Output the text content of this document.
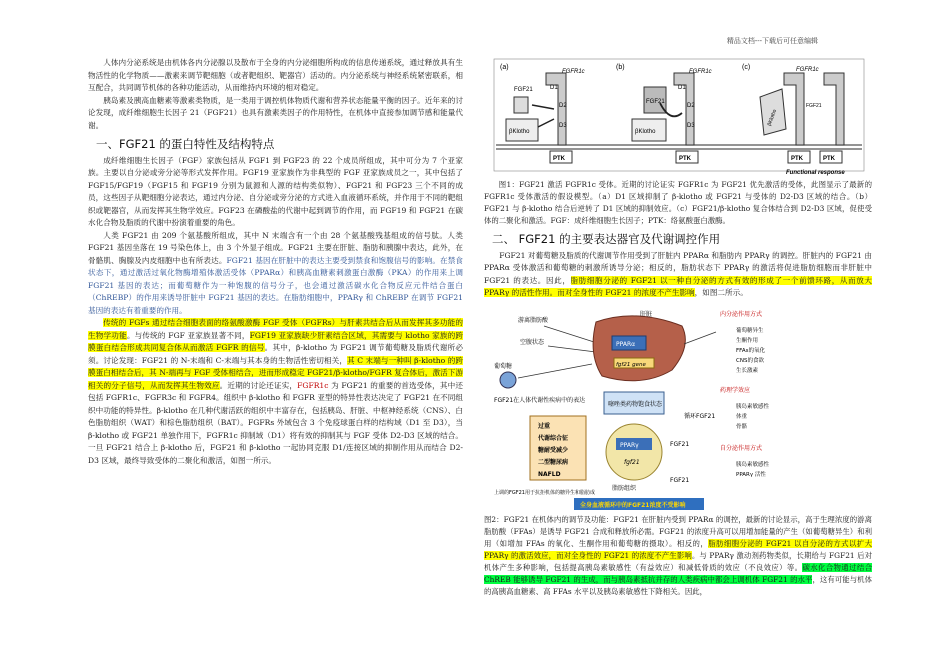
精品文档---下载后可任意编辑

人体内分泌系统是由机体各内分泌腺以及散布于全身的内分泌细胞所构成的信息传递系统，通过释放具有生物活性的化学物质——激素来调节靶细胞（或者靶组织、靶器官）活动的。内分泌系统与神经系统紧密联系，相互配合，共同调节机体的各种功能活动，从而维持内环境的相对稳定。

胰岛素及胰高血糖素等激素类物质，是一类用于调控机体物质代谢和营养状态能量平衡的因子。近年来的讨论发现，成纤维细胞生长因子 21（FGF21）也具有激素类因子的作用特性，在机体中直接参加调节感和能量代谢。

一、FGF21 的蛋白特性及结构特点

成纤维细胞生长因子（FGF）家族包括从 FGF1 到 FGF23 的 22 个成员所组成，其中可分为 7 个亚家族。主要以自分泌或旁分泌等形式发挥作用。FGF19 亚家族作为非典型的 FGF 亚家族成员之一，其中包括了 FGF15/FGF19（FGF15 和 FGF19 分别为鼠源和人源的结构类似物）、FGF21 和 FGF23 三个不同的成员，这些因子从靶细胞分泌表达，通过内分泌、自分泌或旁分泌的方式进入血液循环系统，并作用于不同的靶组织或靶器官，从而发挥其生物学效应。FGF23 在磷酸盐的代谢中起到调节的作用，而 FGF19 和 FGF21 在碳水化合物及脂质的代谢中扮演着重要的角色。

人类 FGF21 由 209 个氨基酸所组成，其中 N 末端含有一个由 28 个氨基酸残基组成的信号肽。人类 FGF21 基因坐落在 19 号染色体上，由 3 个外显子组成。FGF21 主要在肝脏、脂肪和胰腺中表达，此外，在骨骼肌、胸腺及内皮细胞中也有所表达。FGF21 基因在肝脏中的表达主要受到禁食和饱腹信号的影响。在禁食状态下，通过激活过氧化物酶增殖体激活受体（PPARα）和胰高血糖素刺激蛋白激酶（PKA）的作用来上调 FGF21 基因的表达；而葡萄糖作为一种饱腹的信号分子，也会通过激活碳水化合物反应元件结合蛋白（ChREBP）的作用来诱导肝脏中 FGF21 基因的表达。在脂肪细胞中，PPARγ 和 ChREBP 在调节 FGF21 基因的表达有着重要的作用。

传统的 FGFs 通过结合细胞表面的络氨酸激酶 FGF 受体（FGFRs）与肝素共结合后从而发挥其多功能的生物学功能。与传统的 FGF 亚家族显著不同，FGF19 亚家族缺少肝素结合区域，其需要与 klotho 家族的跨膜蛋白结合形成共同复合体从而激活 FGFR 的信号。其中，β-klotho 为 FGF21 调节葡萄糖及脂质代谢所必须。讨论发现：FGF21 的 N-末端和 C-末端与其本身的生物活性密切相关，其 C 末端与一种叫 β-klotho 的跨膜蛋白相结合后，其 N-端再与 FGF 受体相结合，进而形成稳定 FGF21/β-klotho/FGFR 复合体后，激活下游相关的分子信号，从而发挥其生物效应。近期的讨论还证实，FGFR1c 为 FGF21 的重要的首选受体，其中还包括 FGFR1c、FGFR3c 和 FGFR4。组织中 β-klotho 和 FGFR 亚型的特异性表达决定了 FGF21 在不同组织中功能的特异性。β-klotho 在几种代谢活跃的组织中丰富存在，包括胰岛、肝脏、中枢神经系统（CNS）、白色脂肪组织（WAT）和棕色脂肪组织（BAT）。FGFRs 外域包含 3 个免疫球蛋白样的结构域（D1 至 D3），当 β-klotho 或 FGF21 单独作用下，FGFR1c 抑制域（D1）将有效的抑制其与 FGF 受体 D2-D3 区域的结合。一旦 FGF21 结合上 β-klotho 后，FGF21 和 β-klotho 一起协同克服 D1/连接区域的抑制作用从而结合 D2-D3 区域，最终导致受体的二聚化和激活，如图一所示。

(a)
FGF21
βKlotho
FGFR1c
D1
D2
D3
PTK
(b)
FGFR1c
D1
D2
D3
FGF21
βKlotho
PTK
(c)	FGFR1c
βKlotho
FGF21
PTK	PTK
Functional response

图1：FGF21 激活 FGFR1c 受体。近期的讨论证实 FGFR1c 为 FGF21 优先激活的受体，此图显示了最新的 FGFR1c 受体激活的假设模型。（a）D1 区域抑制了 β-klotho 或 FGF21 与受体的 D2-D3 区域的结合。（b）FGF21 与 β-klotho 结合后逆转了 D1 区域的抑制效应。（c）FGF21/β-klotho 复合体结合到 D2-D3 区域，促使受体的二聚化和激活。FGF：成纤维细胞生长因子；PTK：络氨酸蛋白激酶。

二、 FGF21 的主要表达器官及代谢调控作用

FGF21 对葡萄糖及脂质的代谢调节作用受到了肝脏内 PPARα 和脂肪内 PPARγ 的调控。肝脏内的 FGF21 由 PPARα 受体激活和葡萄糖的刺激所诱导分泌；相反的，脂肪状态下 PPARγ 的激活将促进脂肪细胞而非肝脏中 FGF21 的表达。因此，脂肪细胞分泌的 FGF21 以一种自分泌的方式有效的形成了一个前馈环路，从而放大 PPARγ 的活性作用。而对全身性的 FGF21 的浓度不产生影响，如图二所示。

游离脂肪酸
空腹状态
葡萄糖
肝脏
PPARα
fgf21 gene
内分泌作用方式
葡萄糖异生
生酮作用
FFAs的氧化
CNS的食欲
生长激素
药理学效应
胰岛素敏感性
体重
骨骼
循环FGF21
自分泌作用方式
胰岛素敏感性
PPARγ 活性
FGF21在人体代谢性疾病中的表达
过重
代谢综合征
糖耐受减少
二型糖尿病
NAFLD
噻唑类药物饱食状态
PPARγ
fgf21
脂肪组织
FGF21
FGF21
上调的FGF21用于抗拒机体的糖异生和脂肪成
全身血液循环中的FGF21浓度不受影响

图2：FGF21 在机体内的调节及功能：FGF21 在肝脏内受到 PPARα 的调控，最新的讨论显示，高于生理浓度的游离脂肪酸（FFAs）是诱导 FGF21 合成和释放所必需。FGF21 的浓度升高可以用增加能量的产生（如葡萄糖异生）和利用（如增加 FFAs 的氧化、生酮作用和葡萄糖的摄取）。相反的，脂肪细胞分泌的 FGF21 以自分泌的方式以扩大 PPARγ 的激活效应，而对全身性的 FGF21 的浓度不产生影响。与 PPARγ 激动剂药物类似，长期给与 FGF21 后对机体产生多种影响，包括提高胰岛素敏感性（有益效应）和减低骨质的效应（不良效应）等。碳水化合物通过结合 ChREB 能够诱导 FGF21 的生成，而与胰岛素抵抗并存的人类疾病中都会上调机体 FGF21 的水平，这有可能与机体的高胰高血糖素、高 FFAs 水平以及胰岛素敏感性下降相关。因此，
